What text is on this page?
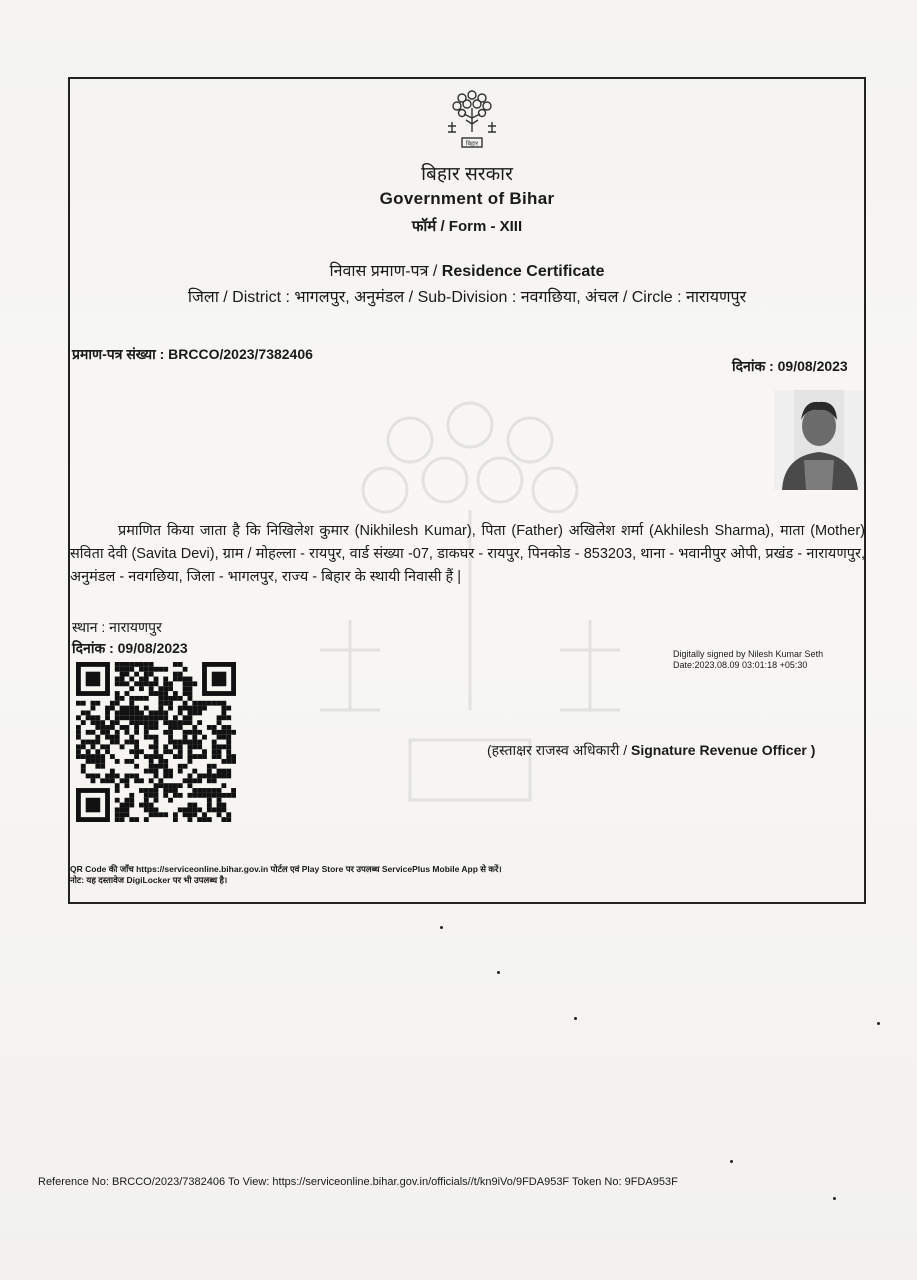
बिहार
बिहार सरकार
Government of Bihar
फॉर्म / Form - XIII
निवास प्रमाण-पत्र / Residence Certificate
जिला / District : भागलपुर, अनुमंडल / Sub-Division : नवगछिया, अंचल / Circle : नारायणपुर
प्रमाण-पत्र संख्या : BRCCO/2023/7382406
दिनांक : 09/08/2023
प्रमाणित किया जाता है कि निखिलेश कुमार (Nikhilesh Kumar), पिता (Father) अखिलेश शर्मा (Akhilesh Sharma), माता (Mother) सविता देवी (Savita Devi), ग्राम / मोहल्ला - रायपुर, वार्ड संख्या -07, डाकघर - रायपुर, पिनकोड - 853203, थाना - भवानीपुर ओपी, प्रखंड - नारायणपुर, अनुमंडल - नवगछिया, जिला - भागलपुर, राज्य - बिहार के स्थायी निवासी हैं |
स्थान : नारायणपुर
दिनांक : 09/08/2023	Digitally signed by Nilesh Kumar Seth
Date:2023.08.09 03:01:18 +05:30
(हस्ताक्षर राजस्व अधिकारी / Signature Revenue Officer )
QR Code की जाँच https://serviceonline.bihar.gov.in पोर्टल एवं Play Store पर उपलब्ध ServicePlus Mobile App से करें।
नोट: यह दस्तावेज DigiLocker पर भी उपलब्ध है।
Reference No: BRCCO/2023/7382406 To View: https://serviceonline.bihar.gov.in/officials//t/kn9iVo/9FDA953F Token No: 9FDA953F
